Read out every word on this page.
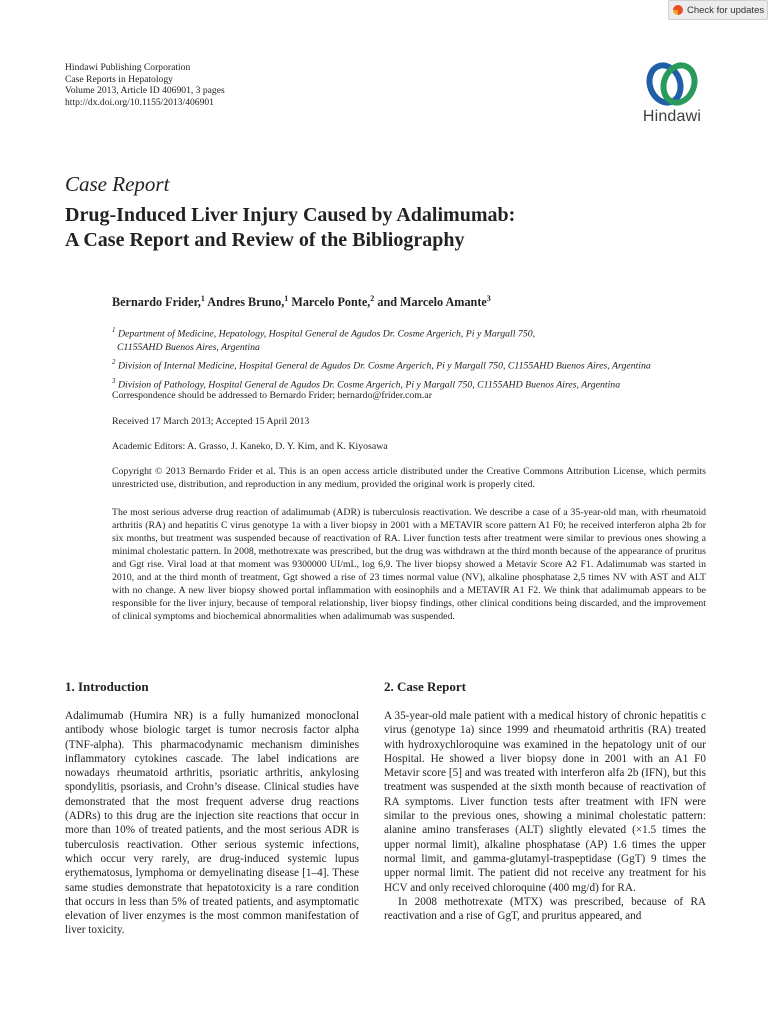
Check for updates
Hindawi Publishing Corporation
Case Reports in Hepatology
Volume 2013, Article ID 406901, 3 pages
http://dx.doi.org/10.1155/2013/406901
Hindawi
Case Report
Drug-Induced Liver Injury Caused by Adalimumab:
A Case Report and Review of the Bibliography
Bernardo Frider,$^1$ Andres Bruno,$^1$ Marcelo Ponte,$^2$ and Marcelo Amante$^3$
$^1$ Department of Medicine, Hepatology, Hospital General de Agudos Dr. Cosme Argerich, Pi y Margall 750,
C1155AHD Buenos Aires, Argentina
$^2$ Division of Internal Medicine, Hospital General de Agudos Dr. Cosme Argerich, Pi y Margall 750, C1155AHD Buenos Aires, Argentina
$^3$ Division of Pathology, Hospital General de Agudos Dr. Cosme Argerich, Pi y Margall 750, C1155AHD Buenos Aires, Argentina
Correspondence should be addressed to Bernardo Frider; bernardo@frider.com.ar
Received 17 March 2013; Accepted 15 April 2013
Academic Editors: A. Grasso, J. Kaneko, D. Y. Kim, and K. Kiyosawa
Copyright © 2013 Bernardo Frider et al. This is an open access article distributed under the Creative Commons Attribution License, which permits unrestricted use, distribution, and reproduction in any medium, provided the original work is properly cited.
The most serious adverse drug reaction of adalimumab (ADR) is tuberculosis reactivation. We describe a case of a 35-year-old man, with rheumatoid arthritis (RA) and hepatitis C virus genotype 1a with a liver biopsy in 2001 with a METAVIR score pattern A1 F0; he received interferon alpha 2b for six months, but treatment was suspended because of reactivation of RA. Liver function tests after treatment were similar to previous ones showing a minimal cholestatic pattern. In 2008, methotrexate was prescribed, but the drug was withdrawn at the third month because of the appearance of pruritus and Ggt rise. Viral load at that moment was 9300000 UI/mL, log 6,9. The liver biopsy showed a Metavir Score A2 F1. Adalimumab was started in 2010, and at the third month of treatment, Ggt showed a rise of 23 times normal value (NV), alkaline phosphatase 2,5 times NV with AST and ALT with no change. A new liver biopsy showed portal inflammation with eosinophils and a METAVIR A1 F2. We think that adalimumab appears to be responsible for the liver injury, because of temporal relationship, liver biopsy findings, other clinical conditions being discarded, and the improvement of clinical symptoms and biochemical abnormalities when adalimumab was suspended.
1. Introduction

Adalimumab (Humira NR) is a fully humanized monoclonal antibody whose biologic target is tumor necrosis factor alpha (TNF-alpha). This pharmacodynamic mechanism diminishes inflammatory cytokines cascade. The label indications are nowadays rheumatoid arthritis, psoriatic arthritis, ankylosing spondylitis, psoriasis, and Crohn’s disease. Clinical studies have demonstrated that the most frequent adverse drug reactions (ADRs) to this drug are the injection site reactions that occur in more than 10% of treated patients, and the most serious ADR is tuberculosis reactivation. Other serious systemic infections, which occur very rarely, are drug-induced systemic lupus erythematosus, lymphoma or demyelinating disease [1–4]. These same studies demonstrate that hepatotoxicity is a rare condition that occurs in less than 5% of treated patients, and asymptomatic elevation of liver enzymes is the most common manifestation of liver toxicity.

2. Case Report

A 35-year-old male patient with a medical history of chronic hepatitis c virus (genotype 1a) since 1999 and rheumatoid arthritis (RA) treated with hydroxychloroquine was examined in the hepatology unit of our Hospital. He showed a liver biopsy done in 2001 with an A1 F0 Metavir score [5] and was treated with interferon alfa 2b (IFN), but this treatment was suspended at the sixth month because of reactivation of RA symptoms. Liver function tests after treatment with IFN were similar to the previous ones, showing a minimal cholestatic pattern: alanine amino transferases (ALT) slightly elevated (×1.5 times the upper normal limit), alkaline phosphatase (AP) 1.6 times the upper normal limit, and gamma-glutamyl-traspeptidase (GgT) 9 times the upper normal limit. The patient did not receive any treatment for his HCV and only received chloroquine (400 mg/d) for RA.

In 2008 methotrexate (MTX) was prescribed, because of RA reactivation and a rise of GgT, and pruritus appeared, and
